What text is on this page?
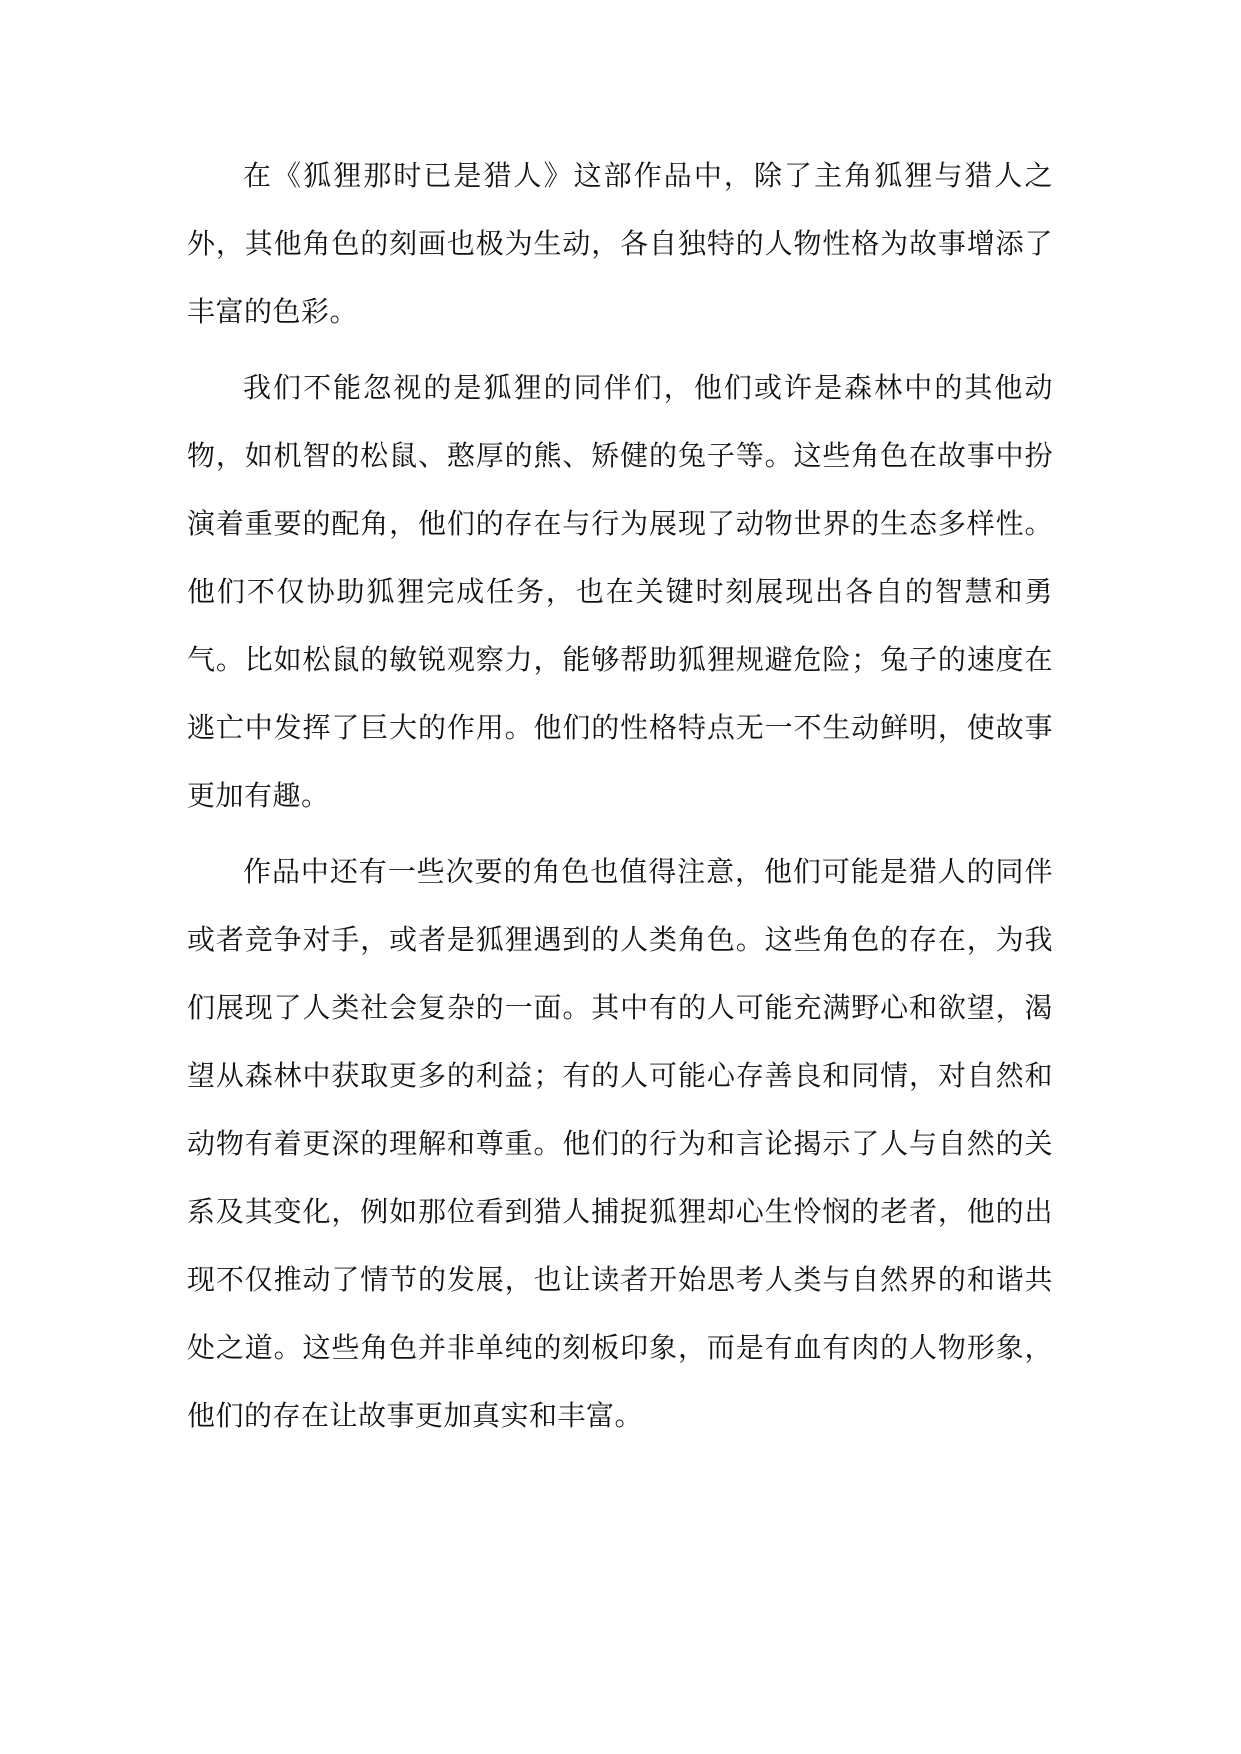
在《狐狸那时已是猎人》这部作品中，除了主角狐狸与猎人之外，其他角色的刻画也极为生动，各自独特的人物性格为故事增添了丰富的色彩。

我们不能忽视的是狐狸的同伴们，他们或许是森林中的其他动物，如机智的松鼠、憨厚的熊、矫健的兔子等。这些角色在故事中扮演着重要的配角，他们的存在与行为展现了动物世界的生态多样性。他们不仅协助狐狸完成任务，也在关键时刻展现出各自的智慧和勇气。比如松鼠的敏锐观察力，能够帮助狐狸规避危险；兔子的速度在逃亡中发挥了巨大的作用。他们的性格特点无一不生动鲜明，使故事更加有趣。

作品中还有一些次要的角色也值得注意，他们可能是猎人的同伴或者竞争对手，或者是狐狸遇到的人类角色。这些角色的存在，为我们展现了人类社会复杂的一面。其中有的人可能充满野心和欲望，渴望从森林中获取更多的利益；有的人可能心存善良和同情，对自然和动物有着更深的理解和尊重。他们的行为和言论揭示了人与自然的关系及其变化，例如那位看到猎人捕捉狐狸却心生怜悯的老者，他的出现不仅推动了情节的发展，也让读者开始思考人类与自然界的和谐共处之道。这些角色并非单纯的刻板印象，而是有血有肉的人物形象，他们的存在让故事更加真实和丰富。
